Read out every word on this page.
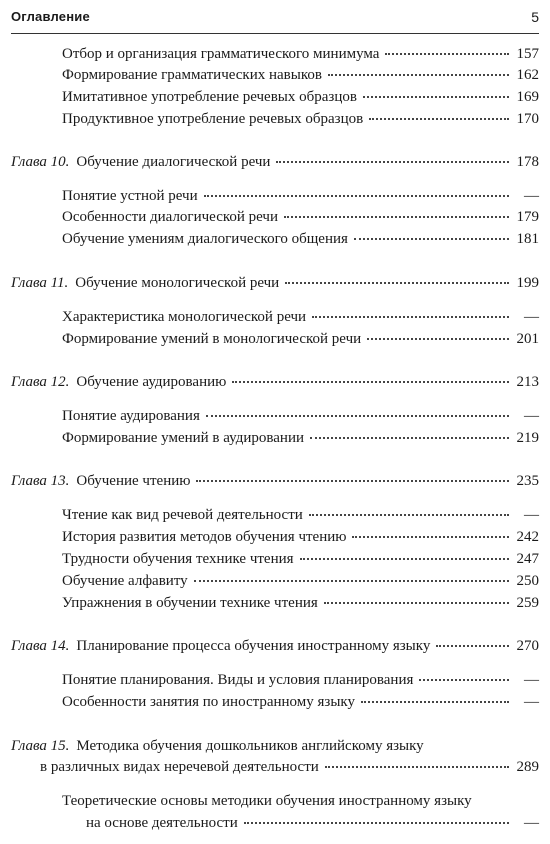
Оглавление	5
Отбор и организация грамматического минимума	157
Формирование грамматических навыков	162
Имитативное употребление речевых образцов	169
Продуктивное употребление речевых образцов	170
Глава 10. Обучение диалогической речи	178
Понятие устной речи	—
Особенности диалогической речи	179
Обучение умениям диалогического общения	181
Глава 11. Обучение монологической речи	199
Характеристика монологической речи	—
Формирование умений в монологической речи	201
Глава 12. Обучение аудированию	213
Понятие аудирования	—
Формирование умений в аудировании	219
Глава 13. Обучение чтению	235
Чтение как вид речевой деятельности	—
История развития методов обучения чтению	242
Трудности обучения технике чтения	247
Обучение алфавиту	250
Упражнения в обучении технике чтения	259
Глава 14. Планирование процесса обучения иностранному языку	270
Понятие планирования. Виды и условия планирования	—
Особенности занятия по иностранному языку	—
Глава 15. Методика обучения дошкольников английскому языку
в различных видах неречевой деятельности	289
Теоретические основы методики обучения иностранному языку
на основе деятельности	—
